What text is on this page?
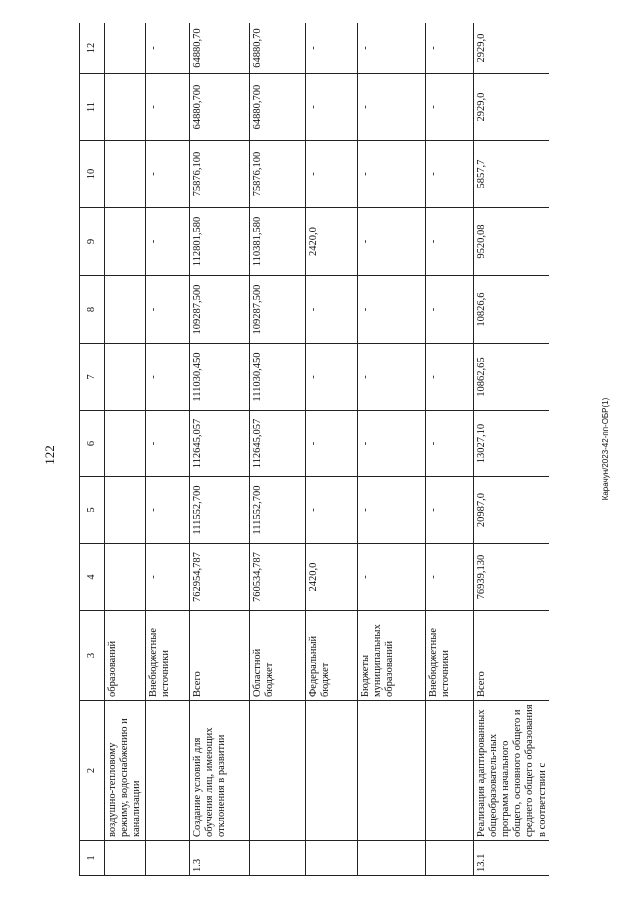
122	Карачун/2023-42-пп-ОБР(1)
1	2	3	4	5	6	7	8	9	10	11	12
	воздушно-тепловому режиму, водоснабжению и канализации	образований									
		Внебюджетные источники	-	-	-	-	-	-	-	-	-
1.3	Создание условий для обучения лиц, имеющих отклонения в развитии	Всего	762954,787	111552,700	112645,057	111030,450	109287,500	112801,580	75876,100	64880,700	64880,70
		Областной бюджет	760534,787	111552,700	112645,057	111030,450	109287,500	110381,580	75876,100	64880,700	64880,70
		Федеральный бюджет	2420,0	-	-	-	-	2420,0	-	-	-
		Бюджеты муниципальных образований	-	-	-	-	-	-	-	-	-
		Внебюджетные источники	-	-	-	-	-	-	-	-	-
13.1	Реализация адаптированных общеобразователь-ных программ начального общего, основного общего и среднего общего образования в соответствии с	Всего	76939,130	20987,0	13027,10	10862,65	10826,6	9520,08	5857,7	2929,0	2929,0
